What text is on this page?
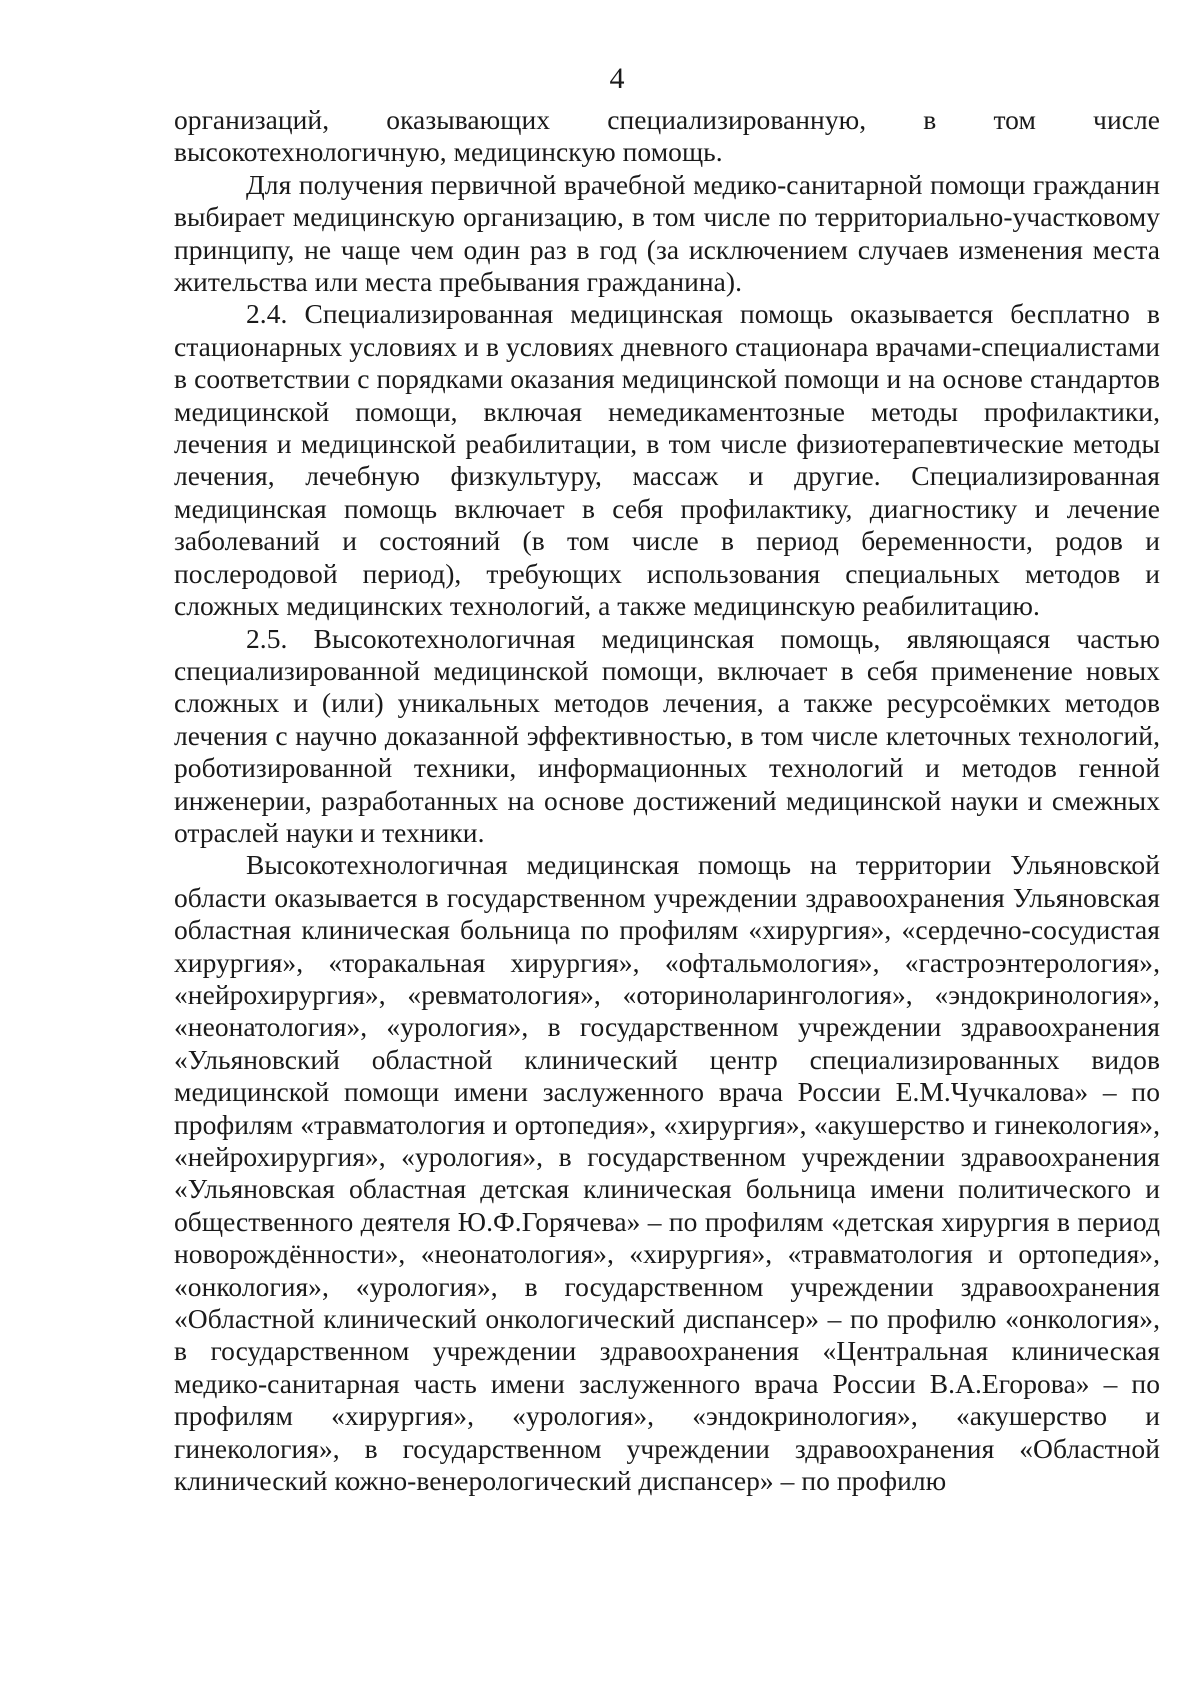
4

организаций, оказывающих специализированную, в том числе высокотехнологичную, медицинскую помощь.

Для получения первичной врачебной медико-санитарной помощи гражданин выбирает медицинскую организацию, в том числе по территориально-участковому принципу, не чаще чем один раз в год (за исключением случаев изменения места жительства или места пребывания гражданина).

2.4. Специализированная медицинская помощь оказывается бесплатно в стационарных условиях и в условиях дневного стационара врачами-специалистами в соответствии с порядками оказания медицинской помощи и на основе стандартов медицинской помощи, включая немедикаментозные методы профилактики, лечения и медицинской реабилитации, в том числе физиотерапевтические методы лечения, лечебную физкультуру, массаж и другие. Специализированная медицинская помощь включает в себя профилактику, диагностику и лечение заболеваний и состояний (в том числе в период беременности, родов и послеродовой период), требующих использования специальных методов и сложных медицинских технологий, а также медицинскую реабилитацию.

2.5. Высокотехнологичная медицинская помощь, являющаяся частью специализированной медицинской помощи, включает в себя применение новых сложных и (или) уникальных методов лечения, а также ресурсоёмких методов лечения с научно доказанной эффективностью, в том числе клеточных технологий, роботизированной техники, информационных технологий и методов генной инженерии, разработанных на основе достижений медицинской науки и смежных отраслей науки и техники.

Высокотехнологичная медицинская помощь на территории Ульяновской области оказывается в государственном учреждении здравоохранения Ульяновская областная клиническая больница по профилям «хирургия», «сердечно-сосудистая хирургия», «торакальная хирургия», «офтальмология», «гастроэнтерология», «нейрохирургия», «ревматология», «оториноларингология», «эндокринология», «неонатология», «урология», в государственном учреждении здравоохранения «Ульяновский областной клинический центр специализированных видов медицинской помощи имени заслуженного врача России Е.М.Чучкалова» – по профилям «травматология и ортопедия», «хирургия», «акушерство и гинекология», «нейрохирургия», «урология», в государственном учреждении здравоохранения «Ульяновская областная детская клиническая больница имени политического и общественного деятеля Ю.Ф.Горячева» – по профилям «детская хирургия в период новорождённости», «неонатология», «хирургия», «травматология и ортопедия», «онкология», «урология», в государственном учреждении здравоохранения «Областной клинический онкологический диспансер» – по профилю «онкология», в государственном учреждении здравоохранения «Центральная клиническая медико-санитарная часть имени заслуженного врача России В.А.Егорова» – по профилям «хирургия», «урология», «эндокринология», «акушерство и гинекология», в государственном учреждении здравоохранения «Областной клинический кожно-венерологический диспансер» – по профилю
